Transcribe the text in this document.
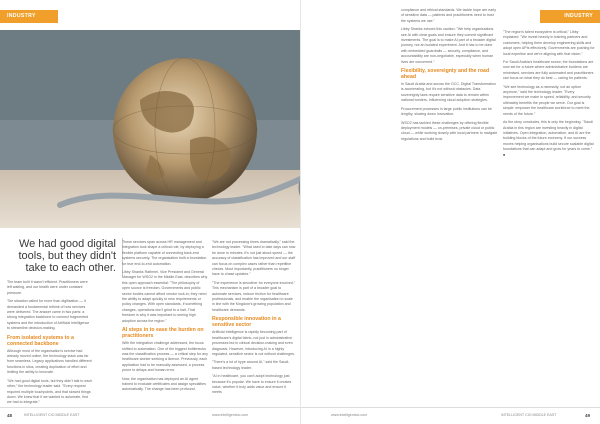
INDUSTRY WATCH
We had good digital tools, but they didn't take to each other.

The team built it wasn't efficient. Practitioners were left waiting, and our health were under constant pressure.

The situation called for more than digitisation — it demanded a fundamental rethink of how services were delivered. The answer came in two parts: a strong integration backbone to connect fragmented systems and the introduction of Artificial Intelligence to streamline decision-making.

From isolated systems to a connected backbone

Although most of the organisation's service had already moved online, the technology stack was far from seamless. Legacy applications handled different functions in silos, creating duplication of effort and limiting the ability to innovate.

"We had good digital tools, but they didn't talk to each other," the technology leader said. "Every request required multiple touchpoints, and that slowed things down. We knew that if we wanted to automate, first we had to integrate."

These services span across HR management and integration took shape a critical role, by deploying a flexible platform capable of connecting back-end systems securely. The organisation built a foundation for true end-to-end automation.

Libby Shanks Rathmel, Vice President and General Manager for WSO2 in the Middle East, describes why this open approach essential: "The philosophy of open source is freedom. Governments and public sector bodies cannot afford vendor lock-in; they need the ability to adapt quickly to new requirements or policy changes. With open standards, if something changes, operations don't grind to a halt. That freedom is why it was important to seeing high adoption across the region."

AI steps in to ease the burden on practitioners

With the integration challenge addressed, the focus shifted to automation. One of the biggest bottlenecks was the classification process — a critical step for any healthcare worker seeking a licence. Previously, each application had to be manually assessed, a process prone to delays and human error.

Now, the organisation has deployed an AI agent trained to evaluate certificates and assign specialties automatically. The change has been profound.

"We are not processing times dramatically," said the technology leader. "What used to take days can now be done in minutes. It's not just about speed — the accuracy of classification has improved and our staff can focus on complex cases rather than repetitive checks. Most importantly, practitioners no longer have to chase updates."

"The experience is smoother for everyone involved." This mechanism is part of a broader goal to automate services, reduce friction for healthcare professionals, and enable the organisation to scale in line with the Kingdom's growing population and healthcare demands.

Responsible innovation in a sensitive sector

Artificial Intelligence is rapidly becoming part of healthcare's digital fabric, not just in administrative processes but in clinical decision-making and even diagnosis. However, introducing AI in a highly regulated, sensitive sector is not without challenges.

"There's a lot of hype around AI," said the Saudi-based technology leader.

"AI in healthcare, you can't adopt technology just because it's popular. We have to ensure it creates value, whether it truly adds value and ensure it meets

48	INTELLIGENT CIO MIDDLE EAST	www.intelligentcio.com
INDUSTRY WATCH

compliance and ethical standards. We tackle hope are early of sensitive data — patients and practitioners need to trust the systems we use."

Libby Shanks echoed this caution: "We help organisations see AI with clear goals and ensure they commit significant investments. The goal is to make AI part of a broader digital journey, not an isolated experiment. And it has to be done with embedded guardrails — security, compliance, and accountability are non-negotiable, especially when human lives are concerned."

Flexibility, sovereignty and the road ahead

In Saudi Arabia and across the GCC, Digital Transformation is accelerating, but it's not without obstacles. Data sovereignty laws require sensitive data to remain within national borders, influencing cloud adoption strategies.

Procurement processes in large public institutions can be lengthy, slowing down innovation.

WSO2 has tackled these challenges by offering flexible deployment models — on-premises, private cloud or public cloud — while working closely with local partners to navigate regulations and build trust.

"The region's talent ecosystem is critical," Libby explained. "We invest heavily in training partners and customers, helping them develop engineering skills and adopt open APIs effectively. Governments are pushing for local expertise and we're aligning with that vision."

For Saudi Arabia's healthcare sector, the foundations are now set for a future where administrative burdens are minimised, services are fully automated and practitioners can focus on what they do best — caring for patients.

"We see technology as a necessity, not an option anymore," said the technology leader. "Every improvement we make in speed, reliability, and security ultimately benefits the people we serve. Our goal is simple: empower the healthcare workforce to meet the needs of the future."

As the story concludes, this is only the beginning. "Saudi Arabia in this region are investing heavily in digital initiatives. Open integration, automation, and AI are the building blocks of the future economy. If our success moves helping organisations build secure scalable digital foundations that can adapt and grow for years to come." ■

www.intelligentcio.com	INTELLIGENT CIO MIDDLE EAST	49
